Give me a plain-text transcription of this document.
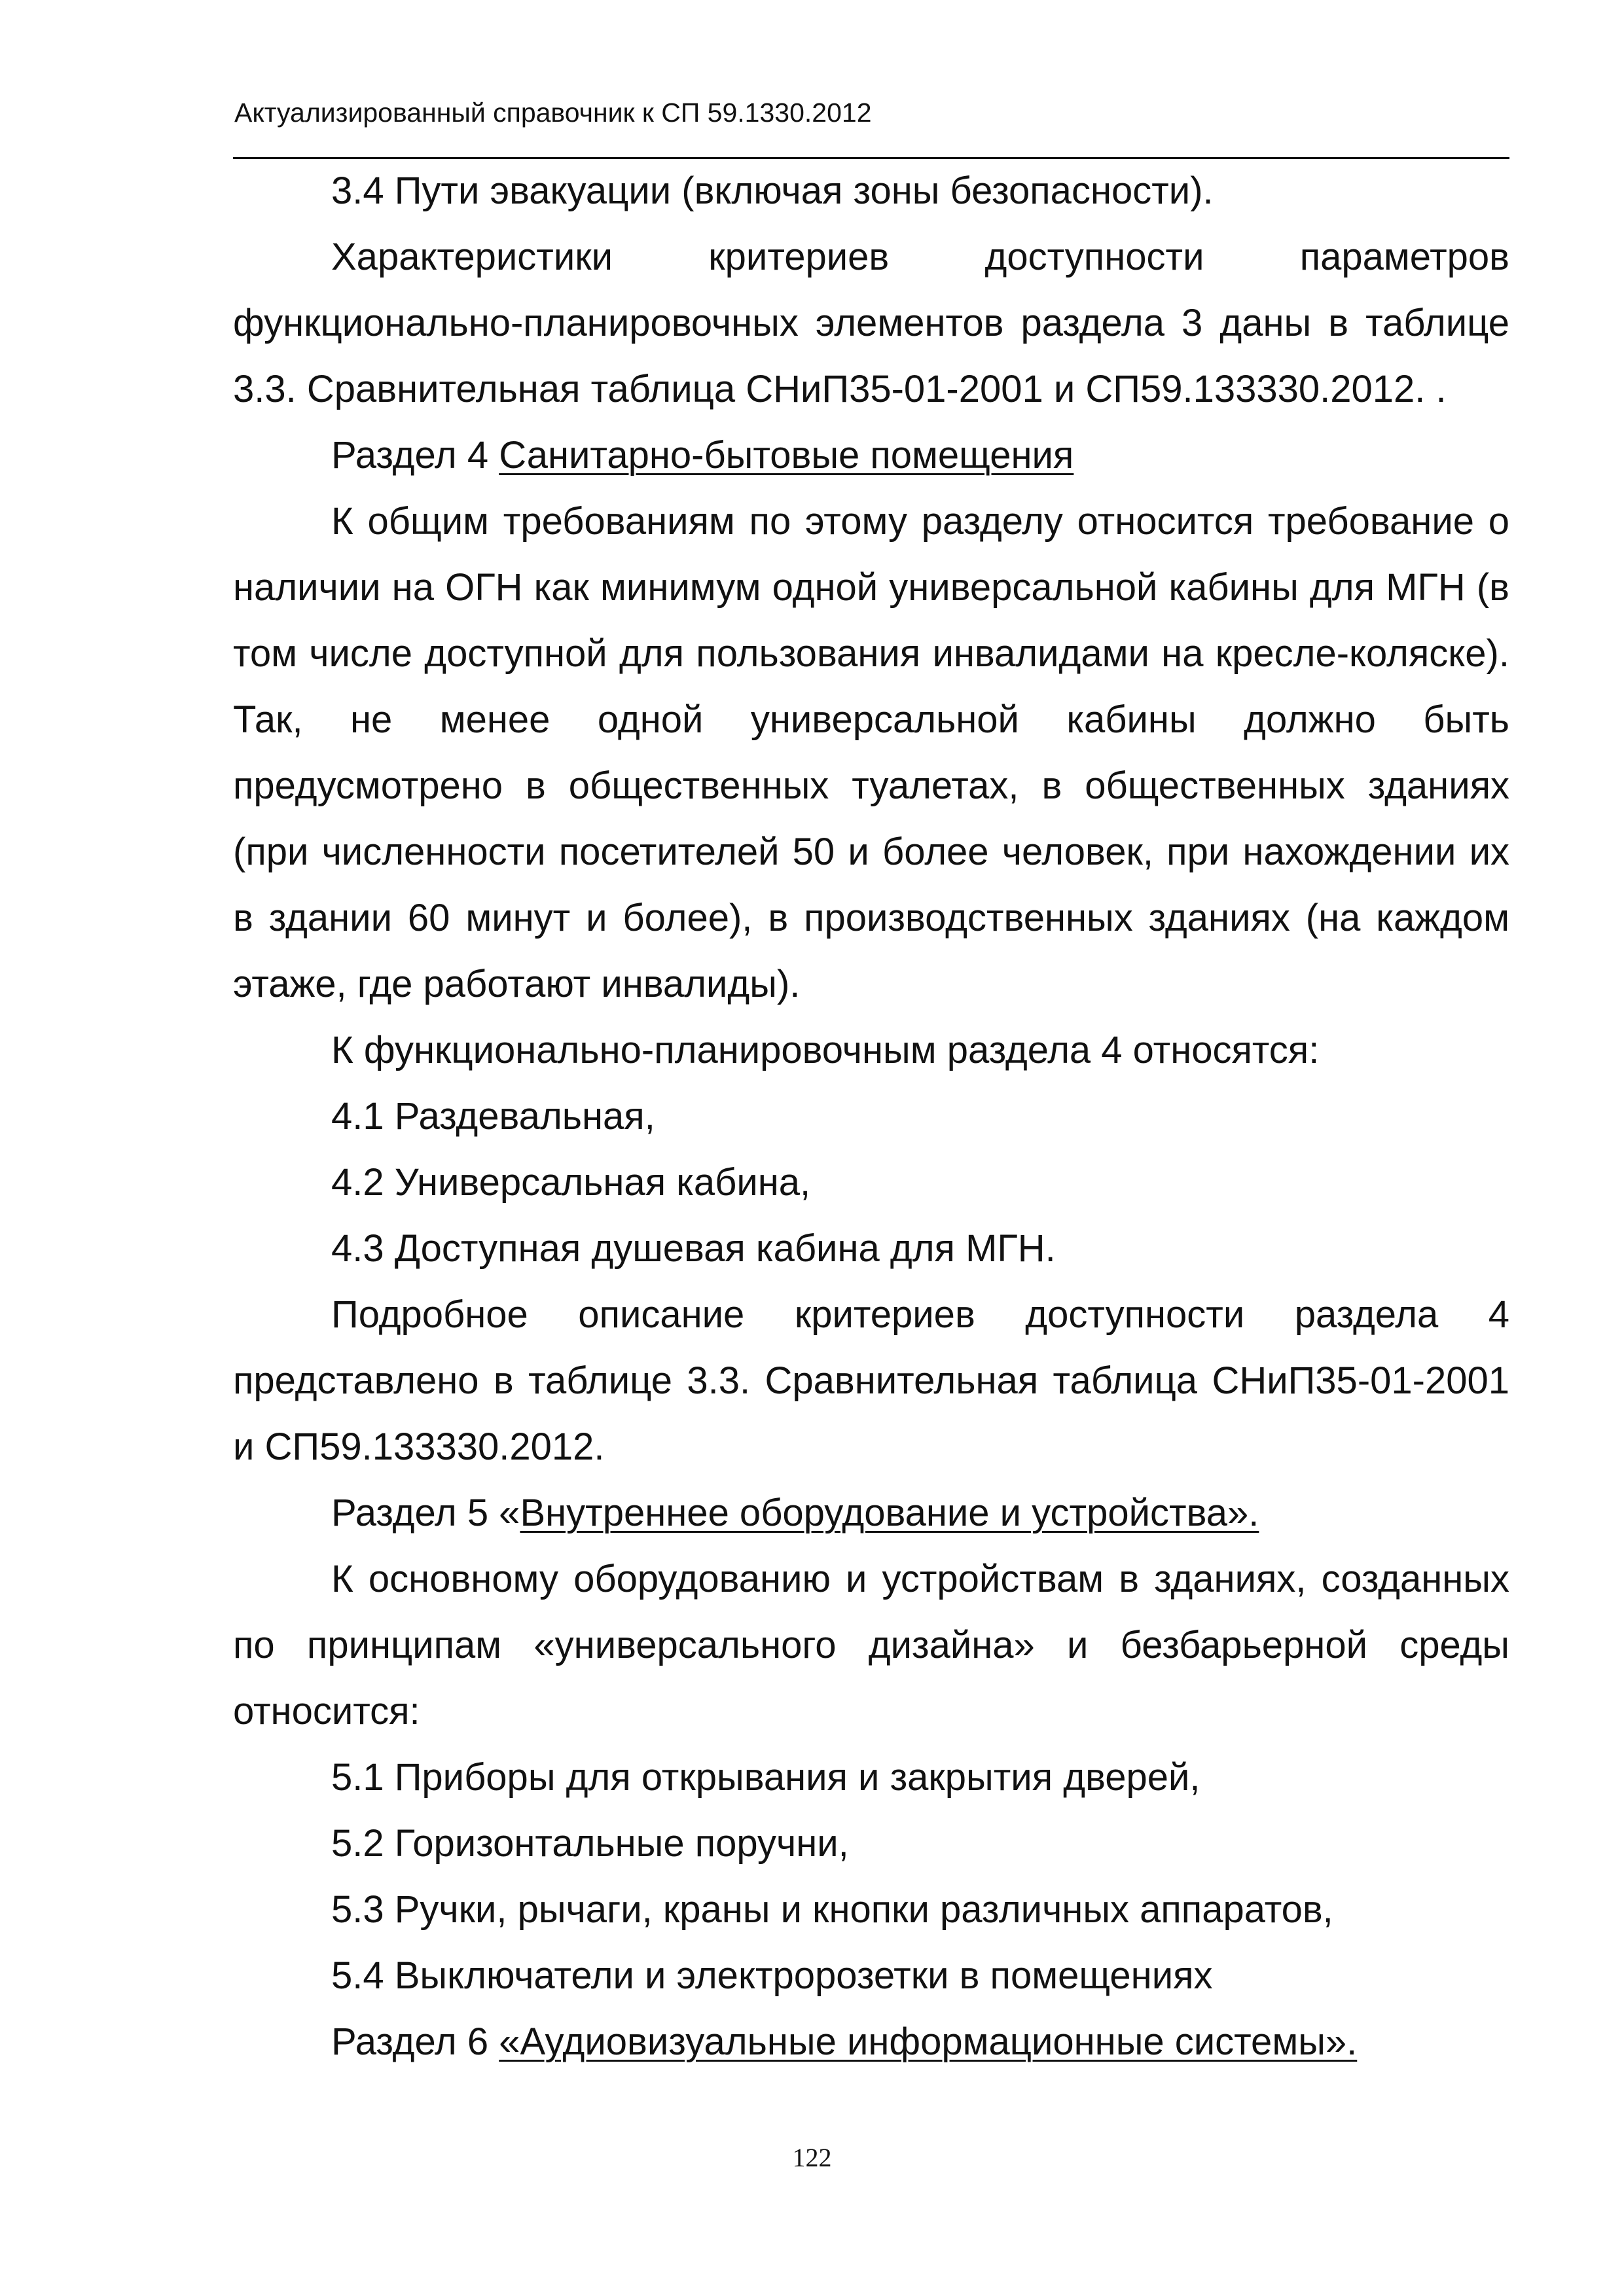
Актуализированный справочник к СП 59.1330.2012

3.4 Пути эвакуации (включая зоны безопасности).

Характеристики критериев доступности параметров функционально-планировочных элементов раздела 3 даны в таблице 3.3. Сравнительная таблица СНиП35-01-2001 и СП59.133330.2012. .

Раздел 4 Санитарно-бытовые помещения

К общим требованиям по этому разделу относится требование о наличии на ОГН как минимум одной универсальной кабины для МГН (в том числе доступной для пользования инвалидами на кресле-коляске). Так, не менее одной универсальной кабины должно быть предусмотрено в общественных туалетах, в общественных зданиях (при численности посетителей 50 и более человек, при нахождении их в здании 60 минут и более), в производственных зданиях (на каждом этаже, где работают инвалиды).

К функционально-планировочным раздела 4 относятся:

4.1 Раздевальная,

4.2 Универсальная кабина,

4.3 Доступная душевая кабина для МГН.

Подробное описание критериев доступности раздела 4 представлено в таблице 3.3. Сравнительная таблица СНиП35-01-2001 и СП59.133330.2012.

Раздел 5 «Внутреннее оборудование и устройства».

К основному оборудованию и устройствам в зданиях, созданных по принципам «универсального дизайна» и безбарьерной среды относится:

5.1 Приборы для открывания и закрытия дверей,

5.2 Горизонтальные поручни,

5.3 Ручки, рычаги, краны и кнопки различных аппаратов,

5.4 Выключатели и электророзетки в помещениях

Раздел 6 «Аудиовизуальные информационные системы».

122
